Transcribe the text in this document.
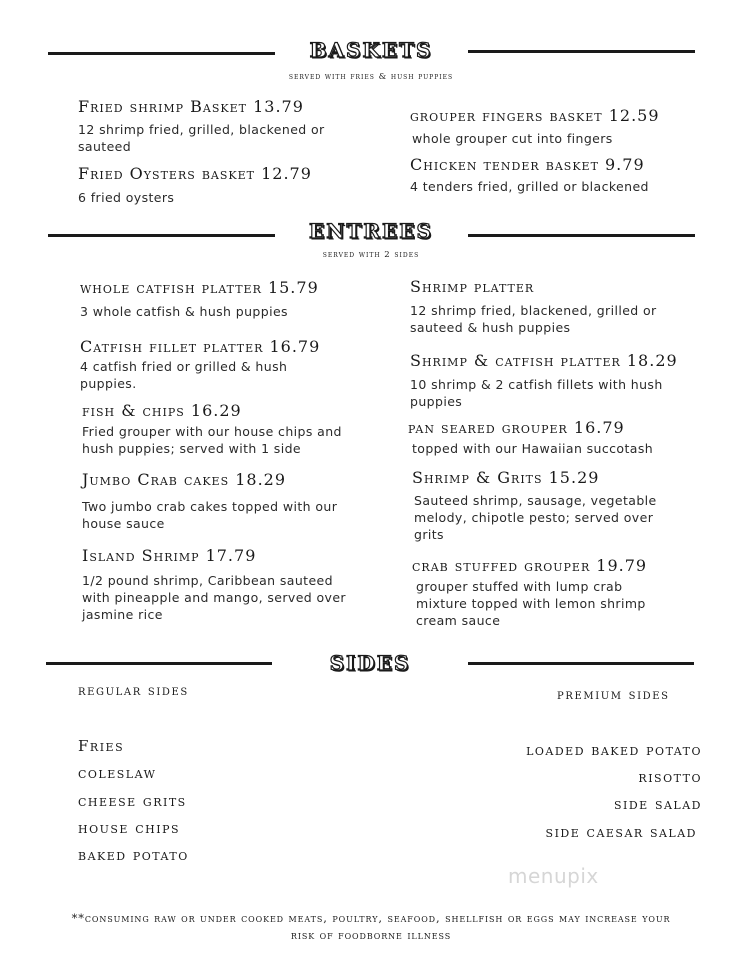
BASKETS
served with fries & hush puppies
Fried shrimp Basket 13.79
12 shrimp fried, grilled, blackened or sauteed
Fried Oysters basket 12.79
6 fried oysters
grouper fingers basket 12.59
whole grouper cut into fingers
Chicken tender basket 9.79
4 tenders fried, grilled or blackened
ENTREES
served with 2 sides
whole catfish platter 15.79
3 whole catfish & hush puppies
Catfish fillet platter 16.79
4 catfish fried or grilled & hush puppies.
fish & chips 16.29
Fried grouper with our house chips and hush puppies; served with 1 side
Jumbo Crab cakes 18.29
Two jumbo crab cakes topped with our house sauce
Island Shrimp 17.79
1/2 pound shrimp, Caribbean sauteed with pineapple and mango, served over jasmine rice
Shrimp platter
12 shrimp fried, blackened, grilled or sauteed & hush puppies
Shrimp & catfish platter 18.29
10 shrimp & 2 catfish fillets with hush puppies
pan seared grouper 16.79
topped with our Hawaiian succotash
Shrimp & Grits 15.29
Sauteed shrimp, sausage, vegetable melody, chipotle pesto; served over grits
crab stuffed grouper 19.79
grouper stuffed with lump crab mixture topped with lemon shrimp cream sauce
SIDES
regular sides	premium sides
Fries
coleslaw
cheese grits
house chips
baked potato
loaded baked potato
risotto
side salad
side caesar salad
menupix
**consuming raw or under cooked meats, poultry, seafood, shellfish or eggs may increase your
risk of foodborne illness
